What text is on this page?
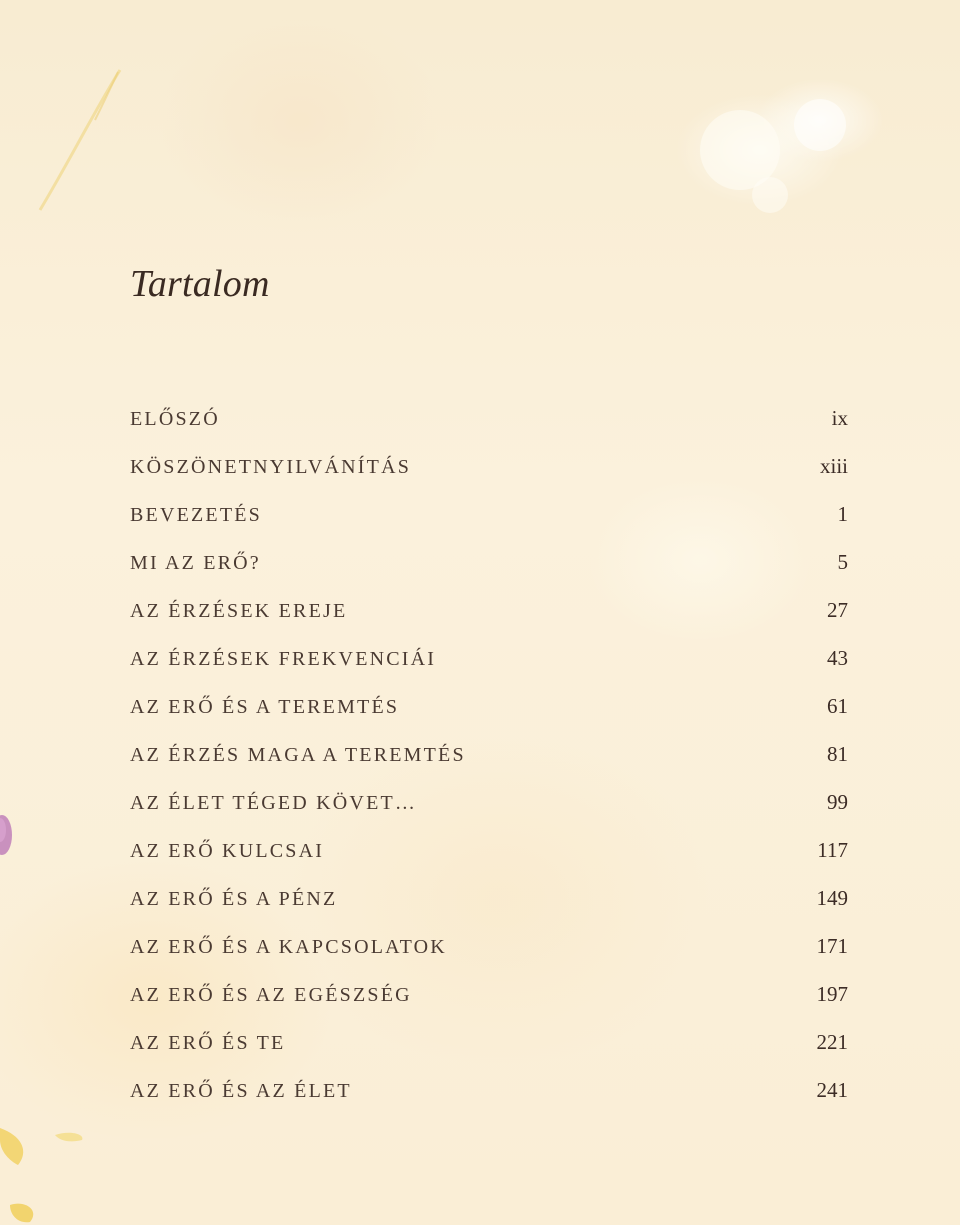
Tartalom
ELŐSZÓ	ix
KÖSZÖNETNYILVÁNÍTÁS	xiii
BEVEZETÉS	1
MI AZ ERŐ?	5
AZ ÉRZÉSEK EREJE	27
AZ ÉRZÉSEK FREKVENCIÁI	43
AZ ERŐ ÉS A TEREMTÉS	61
AZ ÉRZÉS MAGA A TEREMTÉS	81
AZ ÉLET TÉGED KÖVET…	99
AZ ERŐ KULCSAI	117
AZ ERŐ ÉS A PÉNZ	149
AZ ERŐ ÉS A KAPCSOLATOK	171
AZ ERŐ ÉS AZ EGÉSZSÉG	197
AZ ERŐ ÉS TE	221
AZ ERŐ ÉS AZ ÉLET	241
